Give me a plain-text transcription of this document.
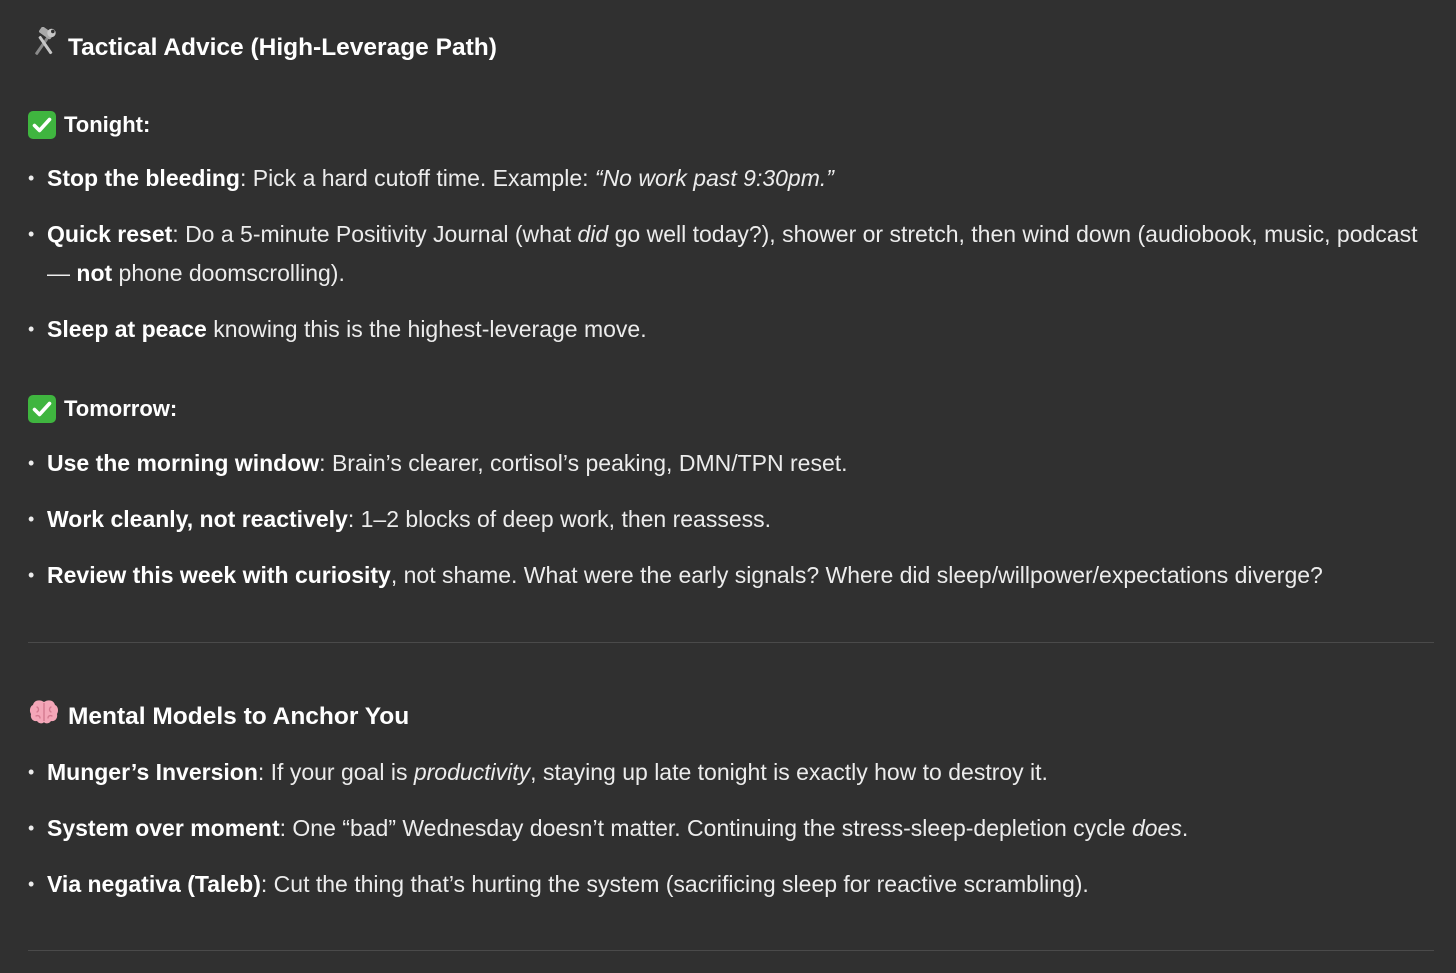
Tactical Advice (High-Leverage Path)
Tonight:
• Stop the bleeding: Pick a hard cutoff time. Example: “No work past 9:30pm.”
• Quick reset: Do a 5-minute Positivity Journal (what did go well today?), shower or stretch, then wind down (audiobook, music, podcast — not phone doomscrolling).
• Sleep at peace knowing this is the highest-leverage move.
Tomorrow:
• Use the morning window: Brain’s clearer, cortisol’s peaking, DMN/TPN reset.
• Work cleanly, not reactively: 1–2 blocks of deep work, then reassess.
• Review this week with curiosity, not shame. What were the early signals? Where did sleep/willpower/expectations diverge?
Mental Models to Anchor You
• Munger’s Inversion: If your goal is productivity, staying up late tonight is exactly how to destroy it.
• System over moment: One “bad” Wednesday doesn’t matter. Continuing the stress-sleep-depletion cycle does.
• Via negativa (Taleb): Cut the thing that’s hurting the system (sacrificing sleep for reactive scrambling).
